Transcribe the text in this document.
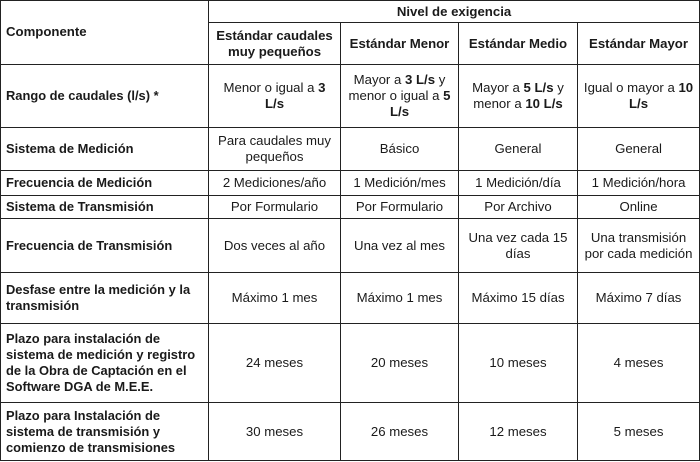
Componente	Nivel de exigencia			
	Estándar caudales muy pequeños	Estándar Menor	Estándar Medio	Estándar Mayor
Rango de caudales (l/s) *	Menor o igual a 3 L/s	Mayor a 3 L/s y menor o igual a 5 L/s	Mayor a 5 L/s y menor a 10 L/s	Igual o mayor a 10 L/s
Sistema de Medición	Para caudales muy pequeños	Básico	General	General
Frecuencia de Medición	2 Mediciones/año	1 Medición/mes	1 Medición/día	1 Medición/hora
Sistema de Transmisión	Por Formulario	Por Formulario	Por Archivo	Online
Frecuencia de Transmisión	Dos veces al año	Una vez al mes	Una vez cada 15 días	Una transmisión por cada medición
Desfase entre la medición y la transmisión	Máximo 1 mes	Máximo 1 mes	Máximo 15 días	Máximo 7 días
Plazo para instalación de sistema de medición y registro de la Obra de Captación en el Software DGA de M.E.E.	24 meses	20 meses	10 meses	4 meses
Plazo para Instalación de sistema de transmisión y comienzo de transmisiones	30 meses	26 meses	12 meses	5 meses
